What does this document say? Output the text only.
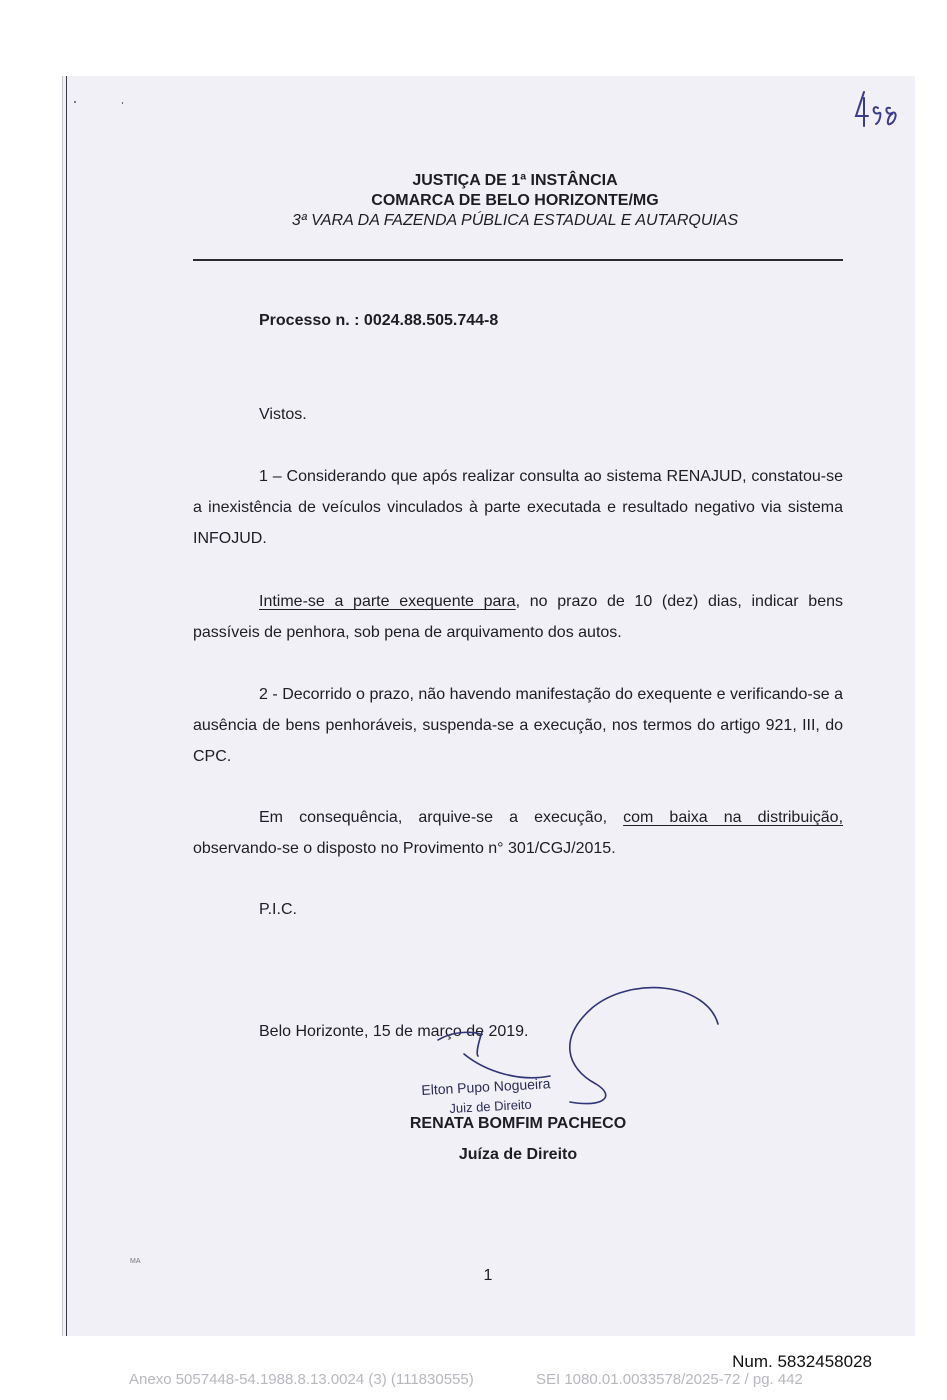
JUSTIÇA DE 1ª INSTÂNCIA
COMARCA DE BELO HORIZONTE/MG
3ª VARA DA FAZENDA PÚBLICA ESTADUAL E AUTARQUIAS
Processo n. : 0024.88.505.744-8
Vistos.
1 – Considerando que após realizar consulta ao sistema RENAJUD, constatou-se a inexistência de veículos vinculados à parte executada e resultado negativo via sistema INFOJUD.
Intime-se a parte exequente para, no prazo de 10 (dez) dias, indicar bens passíveis de penhora, sob pena de arquivamento dos autos.
2 - Decorrido o prazo, não havendo manifestação do exequente e verificando-se a ausência de bens penhoráveis, suspenda-se a execução, nos termos do artigo 921, III, do CPC.
Em consequência, arquive-se a execução, com baixa na distribuição, observando-se o disposto no Provimento n° 301/CGJ/2015.
P.I.C.
Belo Horizonte, 15 de março de 2019.
Elton Pupo Nogueira
Juiz de Direito
RENATA BOMFIM PACHECO
Juíza de Direito
MA
1
Num. 5832458028
Anexo 5057448-54.1988.8.13.0024 (3) (111830555)	SEI 1080.01.0033578/2025-72 / pg. 442
